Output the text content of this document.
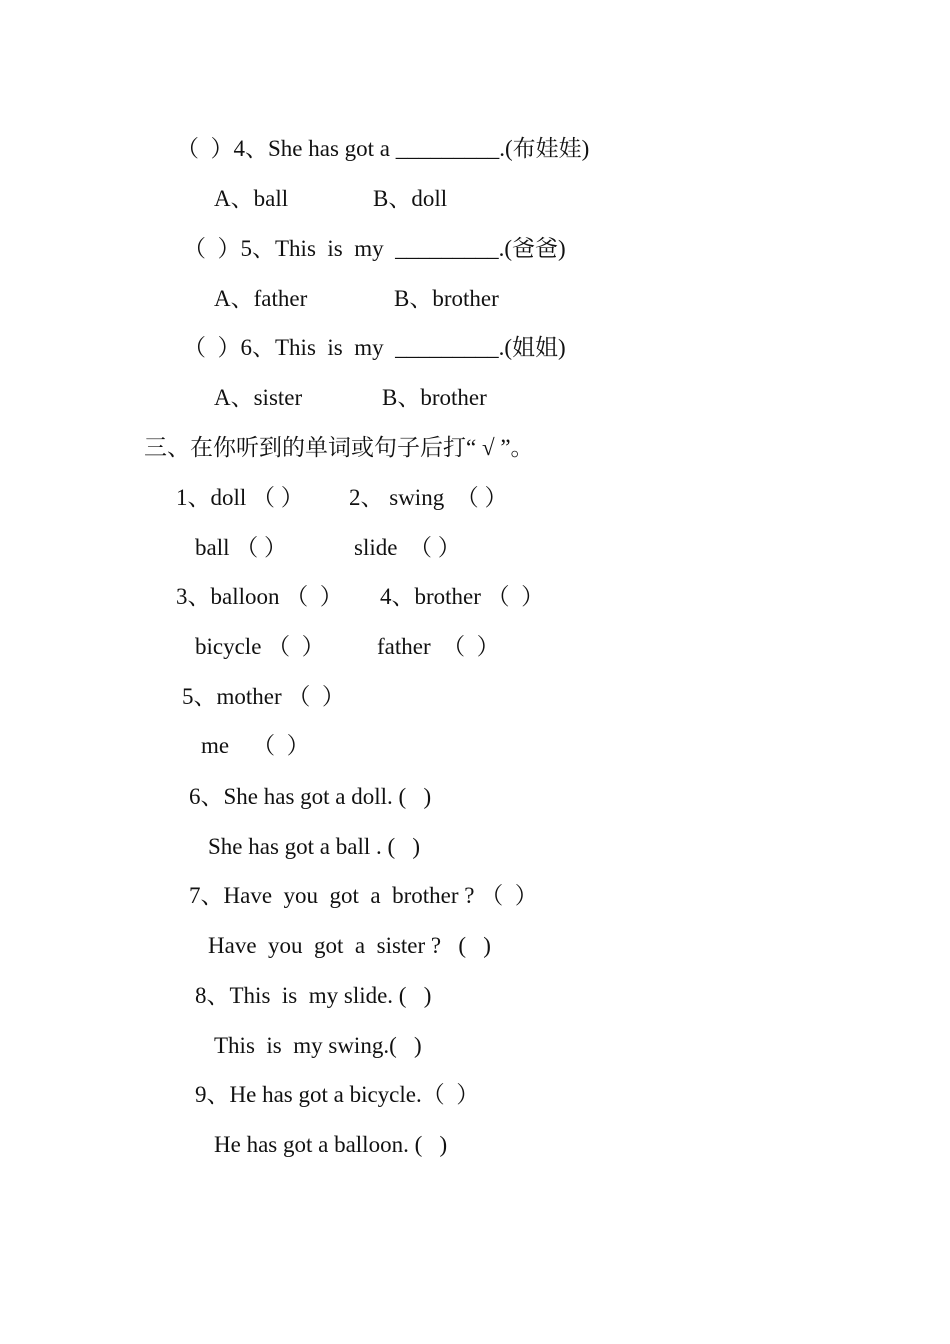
（  ）4、She has got a _________.(布娃娃)
A、ball	B、doll
（  ）5、This  is  my  _________.(爸爸)
A、father	B、brother
（  ）6、This  is  my  _________.(姐姐)
A、sister	B、brother
三、在你听到的单词或句子后打“ √ ”。
1、doll （ ） 2、 swing  （ ）
ball （ ）	slide  （ ）
3、balloon （  ） 4、brother （  ）
bicycle （  ） father  （  ）
5、mother （  ）
me    （  ）
6、She has got a doll. (   )
She has got a ball . (   )
7、Have  you  got  a  brother ? （  ）
Have  you  got  a  sister ?   (   )
8、This  is  my slide. (   )
This  is  my swing.(   )
9、He has got a bicycle.（  ）
He has got a balloon. (   )
